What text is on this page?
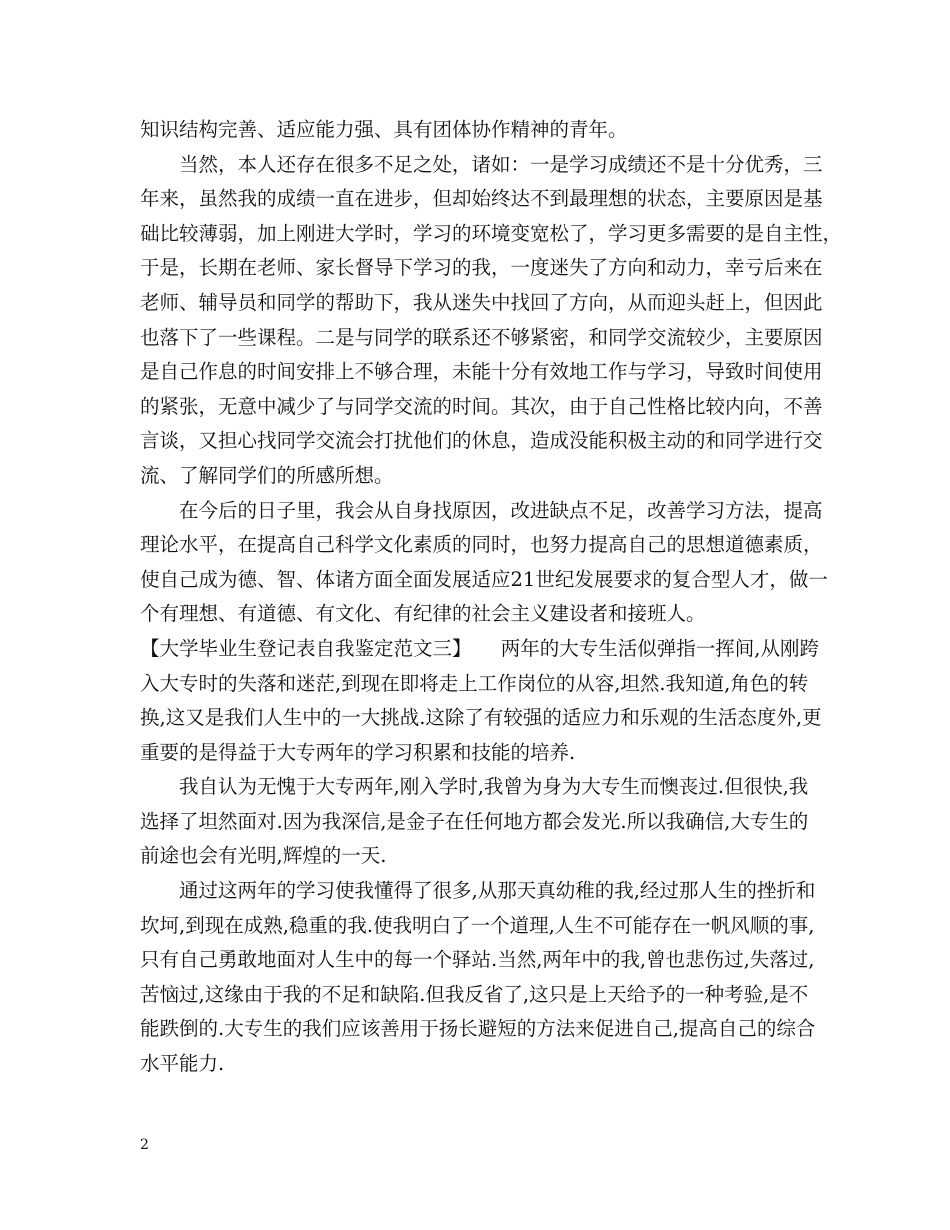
知识结构完善、适应能力强、具有团体协作精神的青年。
　　当然，本人还存在很多不足之处，诸如：一是学习成绩还不是十分优秀，三
年来，虽然我的成绩一直在进步，但却始终达不到最理想的状态，主要原因是基
础比较薄弱，加上刚进大学时，学习的环境变宽松了，学习更多需要的是自主性，
于是，长期在老师、家长督导下学习的我，一度迷失了方向和动力，幸亏后来在
老师、辅导员和同学的帮助下，我从迷失中找回了方向，从而迎头赶上，但因此
也落下了一些课程。二是与同学的联系还不够紧密，和同学交流较少，主要原因
是自己作息的时间安排上不够合理，未能十分有效地工作与学习，导致时间使用
的紧张，无意中减少了与同学交流的时间。其次，由于自己性格比较内向，不善
言谈，又担心找同学交流会打扰他们的休息，造成没能积极主动的和同学进行交
流、了解同学们的所感所想。
　　在今后的日子里，我会从自身找原因，改进缺点不足，改善学习方法，提高
理论水平，在提高自己科学文化素质的同时，也努力提高自己的思想道德素质，
使自己成为德、智、体诸方面全面发展适应21世纪发展要求的复合型人才，做一
个有理想、有道德、有文化、有纪律的社会主义建设者和接班人。
【大学毕业生登记表自我鉴定范文三】　　两年的大专生活似弹指一挥间,从刚跨
入大专时的失落和迷茫,到现在即将走上工作岗位的从容,坦然.我知道,角色的转
换,这又是我们人生中的一大挑战.这除了有较强的适应力和乐观的生活态度外,更
重要的是得益于大专两年的学习积累和技能的培养.
　　我自认为无愧于大专两年,刚入学时,我曾为身为大专生而懊丧过.但很快,我
选择了坦然面对.因为我深信,是金子在任何地方都会发光.所以我确信,大专生的
前途也会有光明,辉煌的一天.
　　通过这两年的学习使我懂得了很多,从那天真幼稚的我,经过那人生的挫折和
坎坷,到现在成熟,稳重的我.使我明白了一个道理,人生不可能存在一帆风顺的事,
只有自己勇敢地面对人生中的每一个驿站.当然,两年中的我,曾也悲伤过,失落过,
苦恼过,这缘由于我的不足和缺陷.但我反省了,这只是上天给予的一种考验,是不
能跌倒的.大专生的我们应该善用于扬长避短的方法来促进自己,提高自己的综合
水平能力.
2
